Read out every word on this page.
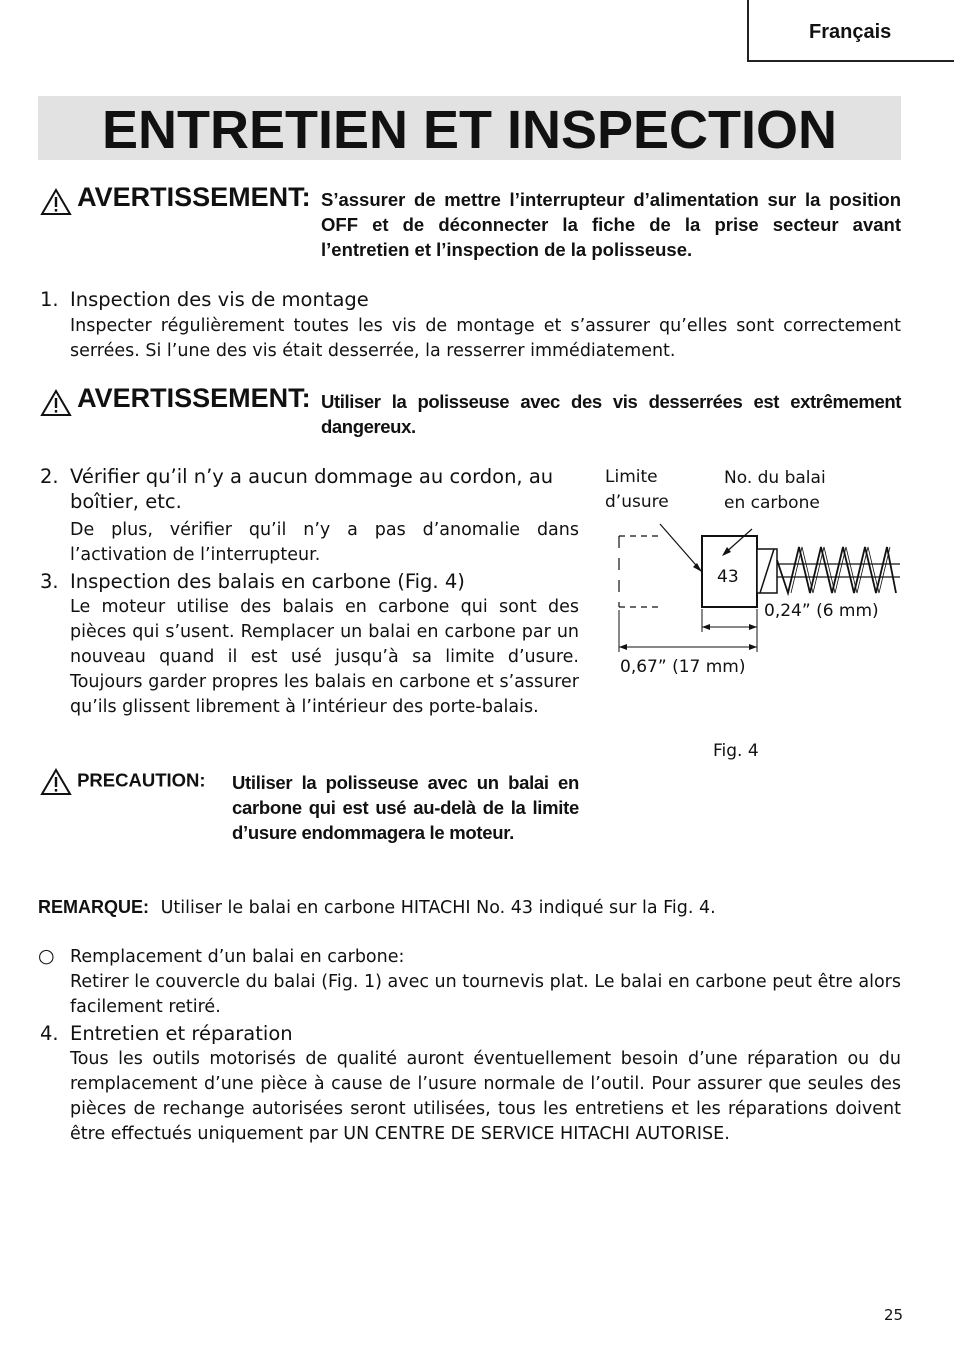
Français
ENTRETIEN ET INSPECTION
AVERTISSEMENT: S’assurer de mettre l’interrupteur d’alimentation sur la position OFF et de déconnecter la fiche de la prise secteur avant l’entretien et l’inspection de la polisseuse.
1. Inspection des vis de montage
Inspecter régulièrement toutes les vis de montage et s’assurer qu’elles sont correctement serrées. Si l’une des vis était desserrée, la resserrer immédiatement.
AVERTISSEMENT: Utiliser la polisseuse avec des vis desserrées est extrêmement dangereux.
2. Vérifier qu’il n’y a aucun dommage au cordon, au boîtier, etc.
De plus, vérifier qu’il n’y a pas d’anomalie dans l’activation de l’interrupteur.
3. Inspection des balais en carbone (Fig. 4)
Le moteur utilise des balais en carbone qui sont des pièces qui s’usent. Remplacer un balai en carbone par un nouveau quand il est usé jusqu’à sa limite d’usure. Toujours garder propres les balais en carbone et s’assurer qu’ils glissent librement à l’intérieur des porte-balais.
PRECAUTION: Utiliser la polisseuse avec un balai en carbone qui est usé au-delà de la limite d’usure endommagera le moteur.
Limite
d’usure
No. du balai
en carbone
43
0,24” (6 mm)
0,67” (17 mm)
Fig. 4
REMARQUE: Utiliser le balai en carbone HITACHI No. 43 indiqué sur la Fig. 4.
○ Remplacement d’un balai en carbone:
Retirer le couvercle du balai (Fig. 1) avec un tournevis plat. Le balai en carbone peut être alors facilement retiré.
4. Entretien et réparation
Tous les outils motorisés de qualité auront éventuellement besoin d’une réparation ou du remplacement d’une pièce à cause de l’usure normale de l’outil. Pour assurer que seules des pièces de rechange autorisées seront utilisées, tous les entretiens et les réparations doivent être effectués uniquement par UN CENTRE DE SERVICE HITACHI AUTORISE.
25
